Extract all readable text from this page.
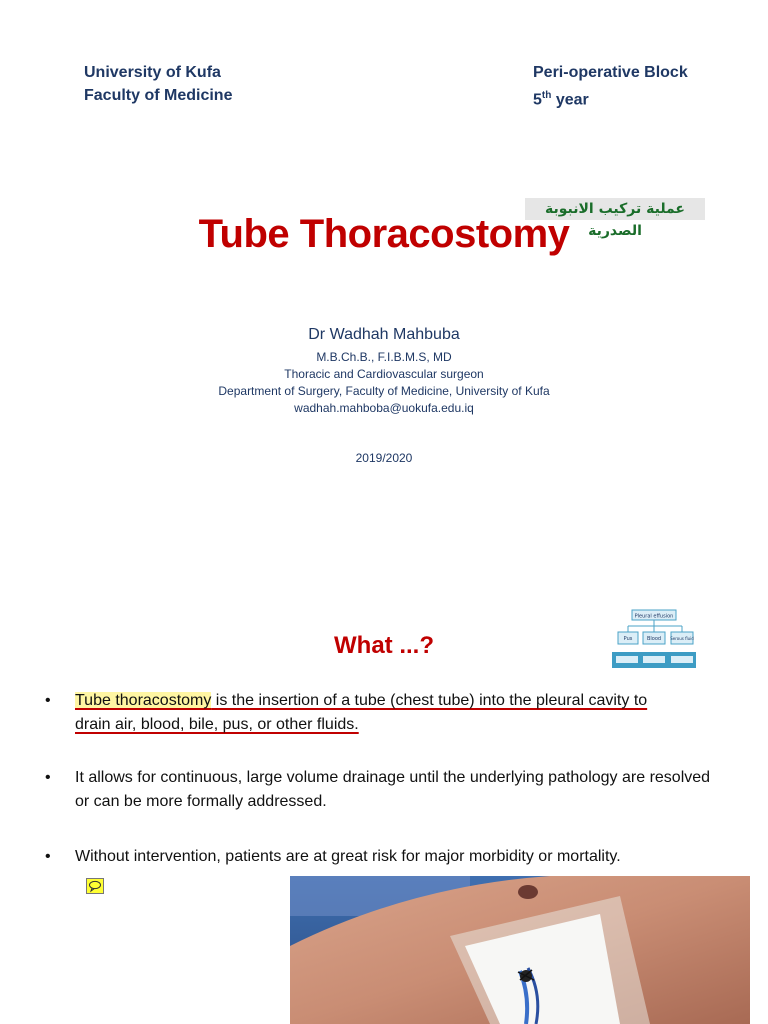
University of Kufa
Faculty of Medicine
Peri-operative Block
5th year
عملية تركيب الانبوبة الصدرية
Tube Thoracostomy
Dr Wadhah Mahbuba
M.B.Ch.B., F.I.B.M.S, MD
Thoracic and Cardiovascular surgeon
Department of Surgery, Faculty of Medicine, University of Kufa
wadhah.mahboba@uokufa.edu.iq
2019/2020
Pleural effusion
Pus	Blood Serous fluid
What ...?
• Tube thoracostomy is the insertion of a tube (chest tube) into the pleural cavity to
drain air, blood, bile, pus, or other fluids.
• It allows for continuous, large volume drainage until the underlying pathology are resolved or can be more formally addressed.
• Without intervention, patients are at great risk for major morbidity or mortality.
